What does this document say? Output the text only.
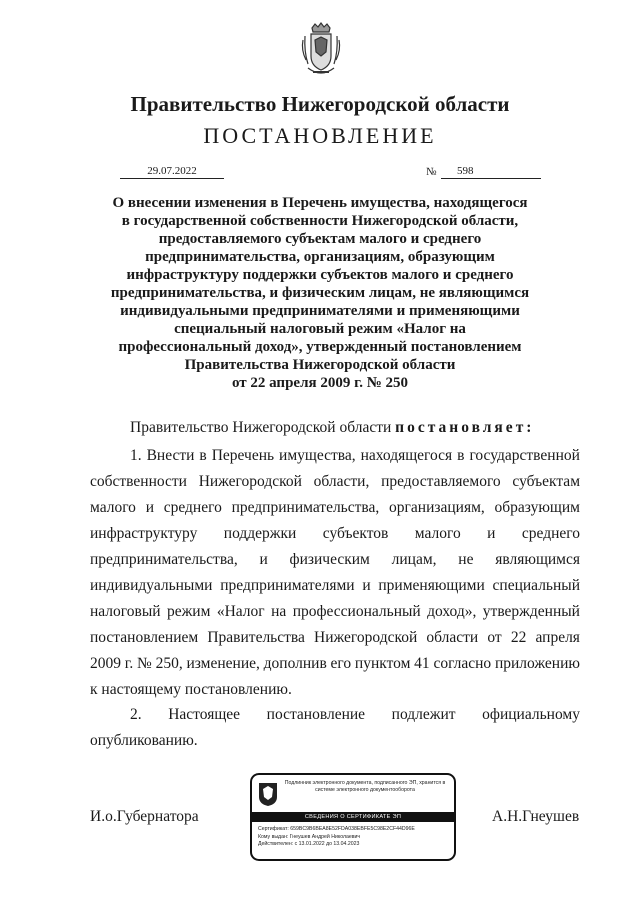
Правительство Нижегородской области
ПОСТАНОВЛЕНИЕ
29.07.2022	№	598
О внесении изменения в Перечень имущества, находящегося
в государственной собственности Нижегородской области,
предоставляемого субъектам малого и среднего
предпринимательства, организациям, образующим
инфраструктуру поддержки субъектов малого и среднего
предпринимательства, и физическим лицам, не являющимся
индивидуальными предпринимателями и применяющими
специальный налоговый режим «Налог на
профессиональный доход», утвержденный постановлением
Правительства Нижегородской области
от 22 апреля 2009 г. № 250
Правительство Нижегородской области постановляет:
1. Внести в Перечень имущества, находящегося в государственной
собственности Нижегородской области, предоставляемого субъектам
малого и среднего предпринимательства, организациям, образующим
инфраструктуру поддержки субъектов малого и среднего
предпринимательства, и физическим лицам, не являющимся
индивидуальными предпринимателями и применяющими специальный
налоговый режим «Налог на профессиональный доход», утвержденный
постановлением Правительства Нижегородской области от 22 апреля
2009 г. № 250, изменение, дополнив его пунктом 41 согласно приложению
к настоящему постановлению.
2. Настоящее постановление подлежит официальному
опубликованию.
И.о.Губернатора	А.Н.Гнеушев
Подлинник электронного документа, подписанного ЭП, хранится в системе электронного документооборота
СВЕДЕНИЯ О СЕРТИФИКАТЕ ЭП
Сертификат: 659BC9B6BEA8E52FDA038EBFE5C98E2CF44D96E
Кому выдан: Гнеушев Андрей Николаевич
Действителен: с 13.01.2022 до 13.04.2023
